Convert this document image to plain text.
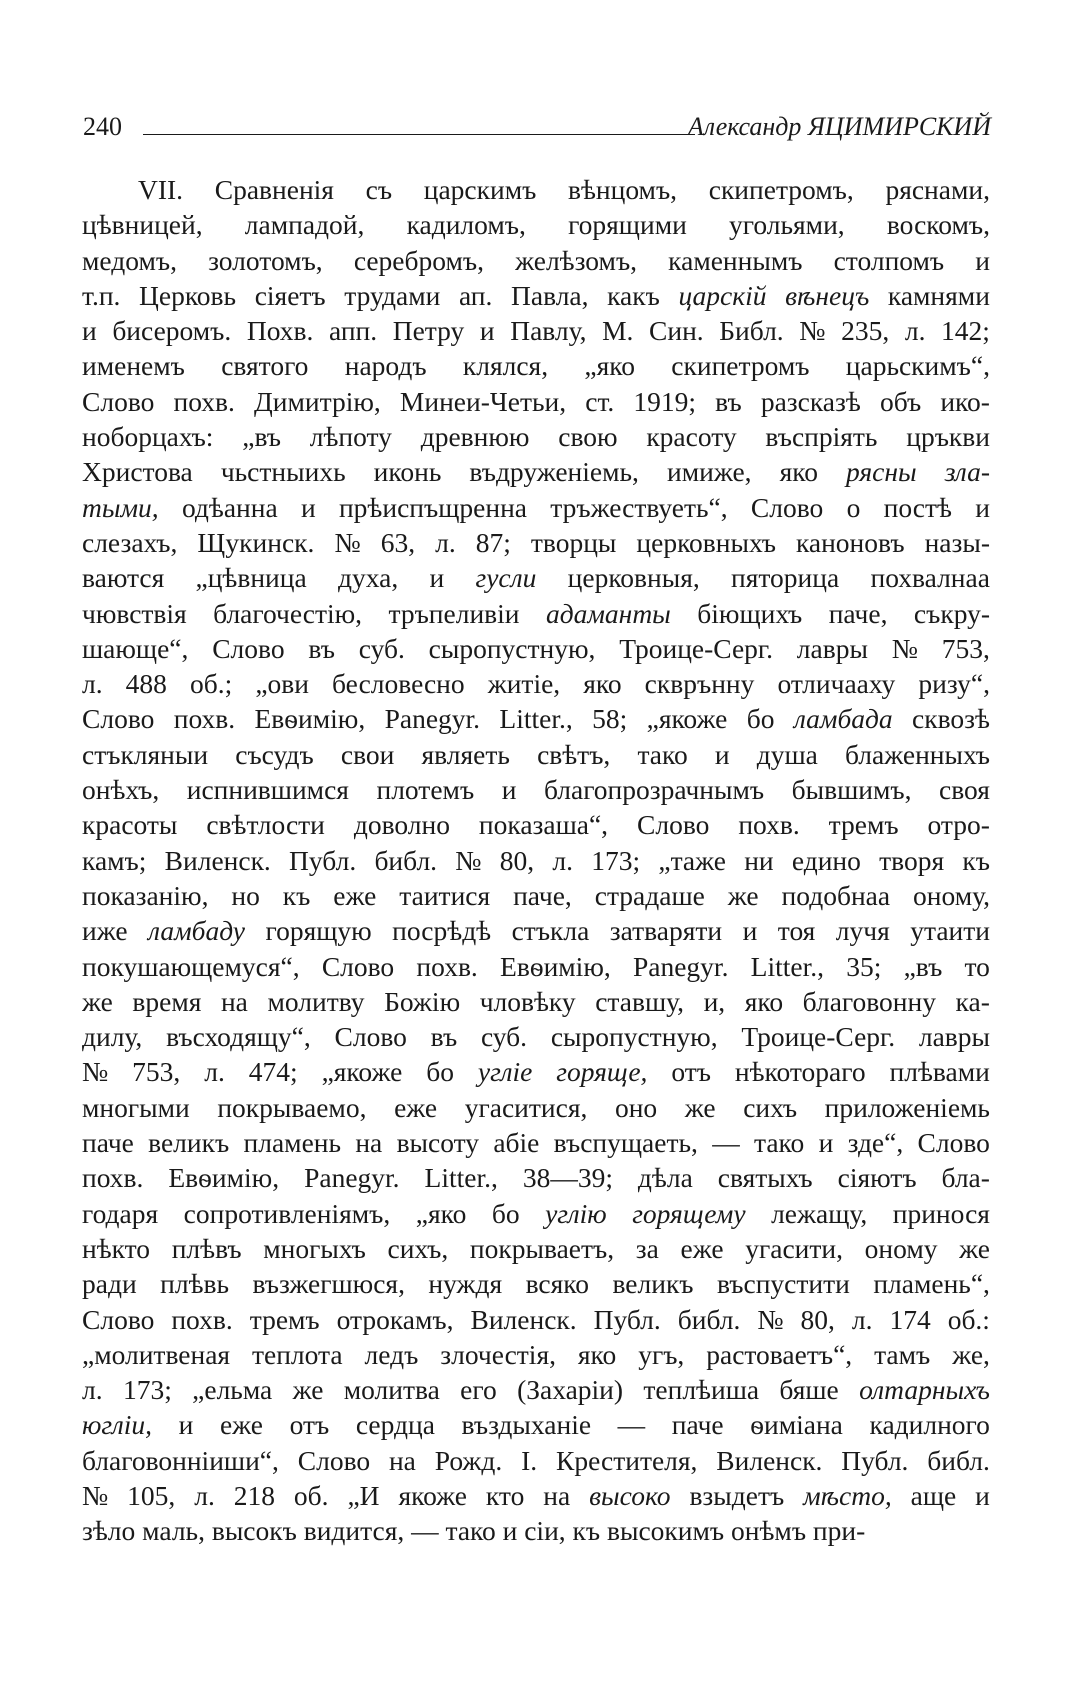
240	Александр ЯЦИМИРСКИЙ
VII. Сравненія съ царскимъ вѣнцомъ, скипетромъ, ряснами,
цѣвницей, лампадой, кадиломъ, горящими угольями, воскомъ,
медомъ, золотомъ, серебромъ, желѣзомъ, каменнымъ столпомъ и
т.п. Церковь сіяетъ трудами ап. Павла, какъ царскій вѣнецъ камнями
и бисеромъ. Похв. апп. Петру и Павлу, М. Син. Библ. № 235, л. 142;
именемъ святого народъ клялся, „яко скипетромъ царьскимъ“,
Слово похв. Димитрію, Минеи-Четьи, ст. 1919; въ разсказѣ объ ико-
ноборцахъ: „въ лѣпоту древнюю свою красоту въспріять цръкви
Христова чьстныихь иконь въдруженіемь, имиже, яко рясны зла-
тыми, одѣанна и прѣиспъщренна тръжествуеть“, Слово о постѣ и
слезахъ, Щукинск. № 63, л. 87; творцы церковныхъ каноновъ назы-
ваются „цѣвница духа, и гусли церковныя, пяторица похвалнаа
чювствія благочестію, тръпеливіи адаманты біющихъ паче, съкру-
шающе“, Слово въ суб. сыропустную, Троице-Серг. лавры № 753,
л. 488 об.; „ови бесловесно житіе, яко скврънну отличааху ризу“,
Слово похв. Евѳимію, Panegyr. Litter., 58; „якоже бо ламбада сквозѣ
стъкляныи съсудъ свои являеть свѣтъ, тако и душа блаженныхъ
онѣхъ, испнившимся плотемъ и благопрозрачнымъ бывшимъ, своя
красоты свѣтлости доволно показаша“, Слово похв. тремъ отро-
камъ; Виленск. Публ. библ. № 80, л. 173; „таже ни едино творя къ
показанію, но къ еже таитися паче, страдаше же подобнаа оному,
иже ламбаду горящую посрѣдѣ стъкла затваряти и тоя лучя утаити
покушающемуся“, Слово похв. Евѳимію, Panegyr. Litter., 35; „въ то
же время на молитву Божію чловѣку ставшу, и, яко благовонну ка-
дилу, въсходящу“, Слово въ суб. сыропустную, Троице-Серг. лавры
№ 753, л. 474; „якоже бо угліе горяще, отъ нѣкотораго плѣвами
многыми покрываемо, еже угаситися, оно же сихъ приложеніемь
паче великъ пламень на высоту абіе въспущаеть, — тако и зде“, Слово
похв. Евѳимію, Panegyr. Litter., 38—39; дѣла святыхъ сіяютъ бла-
годаря сопротивленіямъ, „яко бо углію горящему лежащу, принося
нѣкто плѣвъ многыхъ сихъ, покрываетъ, за еже угасити, оному же
ради плѣвь възжегшюся, нуждя всяко великъ въспустити пламень“,
Слово похв. тремъ отрокамъ, Виленск. Публ. библ. № 80, л. 174 об.:
„молитвеная теплота ледъ злочестія, яко угъ, растоваетъ“, тамъ же,
л. 173; „ельма же молитва его (Захаріи) теплѣиша бяше олтарныхъ
югліи, и еже отъ сердца въздыханіе — паче ѳиміана кадилного
благовонніиши“, Слово на Рожд. І. Крестителя, Виленск. Публ. библ.
№ 105, л. 218 об. „И якоже кто на высоко взыдетъ мѣсто, аще и
зѣло маль, высокъ видится, — тако и сіи, къ высокимъ онѣмъ при-
